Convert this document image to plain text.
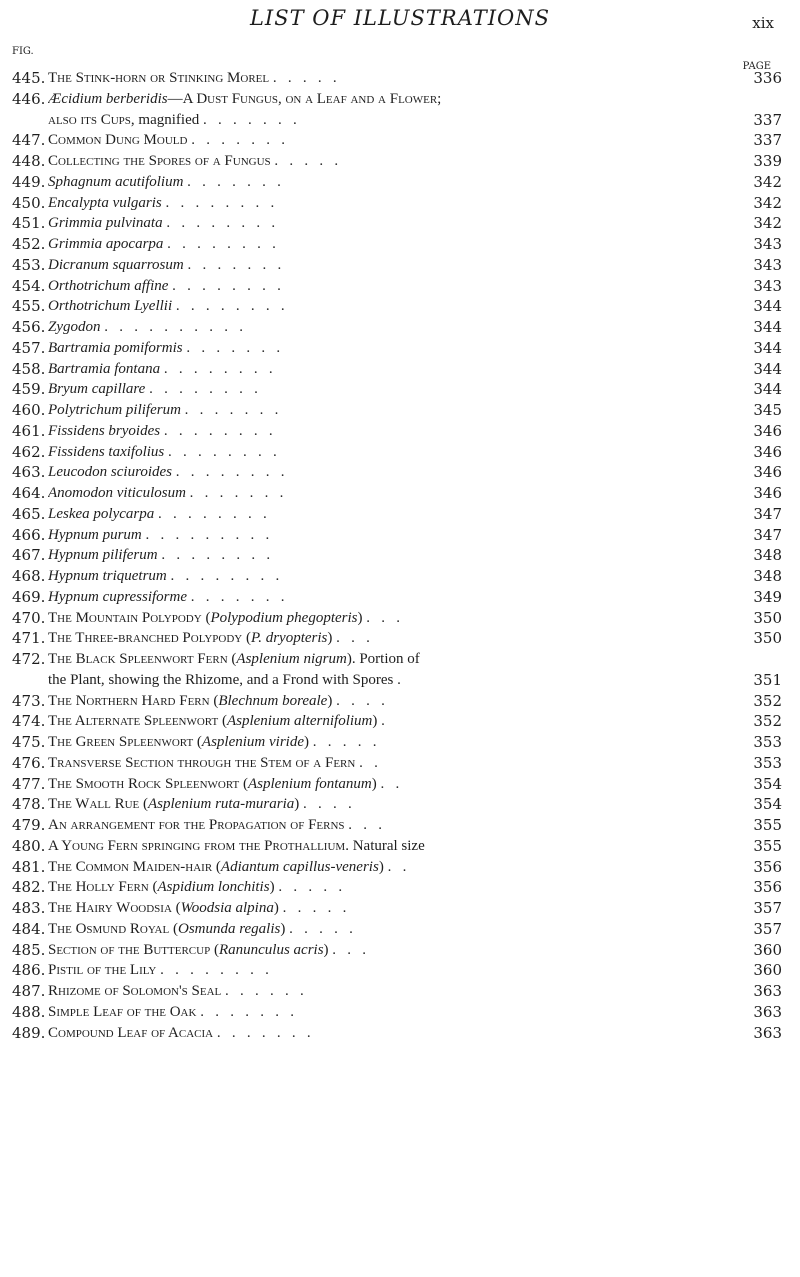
LIST OF ILLUSTRATIONS	xix
FIG.
PAGE
445. The Stink-horn or Stinking Morel .   .   .   .   .	336
446. Æcidium berberidis—A Dust Fungus, on a Leaf and a Flower;
also its Cups, magnified .   .   .   .   .   .   .	337
447. Common Dung Mould .   .   .   .   .   .   .	337
448. Collecting the Spores of a Fungus .   .   .   .   .	339
449. Sphagnum acutifolium .   .   .   .   .   .   .	342
450. Encalypta vulgaris .   .   .   .   .   .   .   .	342
451. Grimmia pulvinata .   .   .   .   .   .   .   .	342
452. Grimmia apocarpa .   .   .   .   .   .   .   .	343
453. Dicranum squarrosum .   .   .   .   .   .   .	343
454. Orthotrichum affine .   .   .   .   .   .   .   .	343
455. Orthotrichum Lyellii .   .   .   .   .   .   .   .	344
456. Zygodon .   .   .   .   .   .   .   .   .   .	344
457. Bartramia pomiformis .   .   .   .   .   .   .	344
458. Bartramia fontana .   .   .   .   .   .   .   .	344
459. Bryum capillare .   .   .   .   .   .   .   .	344
460. Polytrichum piliferum .   .   .   .   .   .   .	345
461. Fissidens bryoides .   .   .   .   .   .   .   .	346
462. Fissidens taxifolius .   .   .   .   .   .   .   .	346
463. Leucodon sciuroides .   .   .   .   .   .   .   .	346
464. Anomodon viticulosum .   .   .   .   .   .   .	346
465. Leskea polycarpa .   .   .   .   .   .   .   .	347
466. Hypnum purum .   .   .   .   .   .   .   .   .	347
467. Hypnum piliferum .   .   .   .   .   .   .   .	348
468. Hypnum triquetrum .   .   .   .   .   .   .   .	348
469. Hypnum cupressiforme .   .   .   .   .   .   .	349
470. The Mountain Polypody (Polypodium phegopteris) .   .   .	350
471. The Three-branched Polypody (P. dryopteris) .   .   .	350
472. The Black Spleenwort Fern (Asplenium nigrum). Portion of
the Plant, showing the Rhizome, and a Frond with Spores .	351
473. The Northern Hard Fern (Blechnum boreale) .   .   .   .	352
474. The Alternate Spleenwort (Asplenium alternifolium) .	352
475. The Green Spleenwort (Asplenium viride) .   .   .   .   .	353
476. Transverse Section through the Stem of a Fern .   .	353
477. The Smooth Rock Spleenwort (Asplenium fontanum) .   .	354
478. The Wall Rue (Asplenium ruta-muraria) .   .   .   .	354
479. An arrangement for the Propagation of Ferns .   .   .	355
480. A Young Fern springing from the Prothallium. Natural size	355
481. The Common Maiden-hair (Adiantum capillus-veneris) .   .	356
482. The Holly Fern (Aspidium lonchitis) .   .   .   .   .	356
483. The Hairy Woodsia (Woodsia alpina) .   .   .   .   .	357
484. The Osmund Royal (Osmunda regalis) .   .   .   .   .	357
485. Section of the Buttercup (Ranunculus acris) .   .   .	360
486. Pistil of the Lily .   .   .   .   .   .   .   .	360
487. Rhizome of Solomon's Seal .   .   .   .   .   .	363
488. Simple Leaf of the Oak .   .   .   .   .   .   .	363
489. Compound Leaf of Acacia .   .   .   .   .   .   .	363
